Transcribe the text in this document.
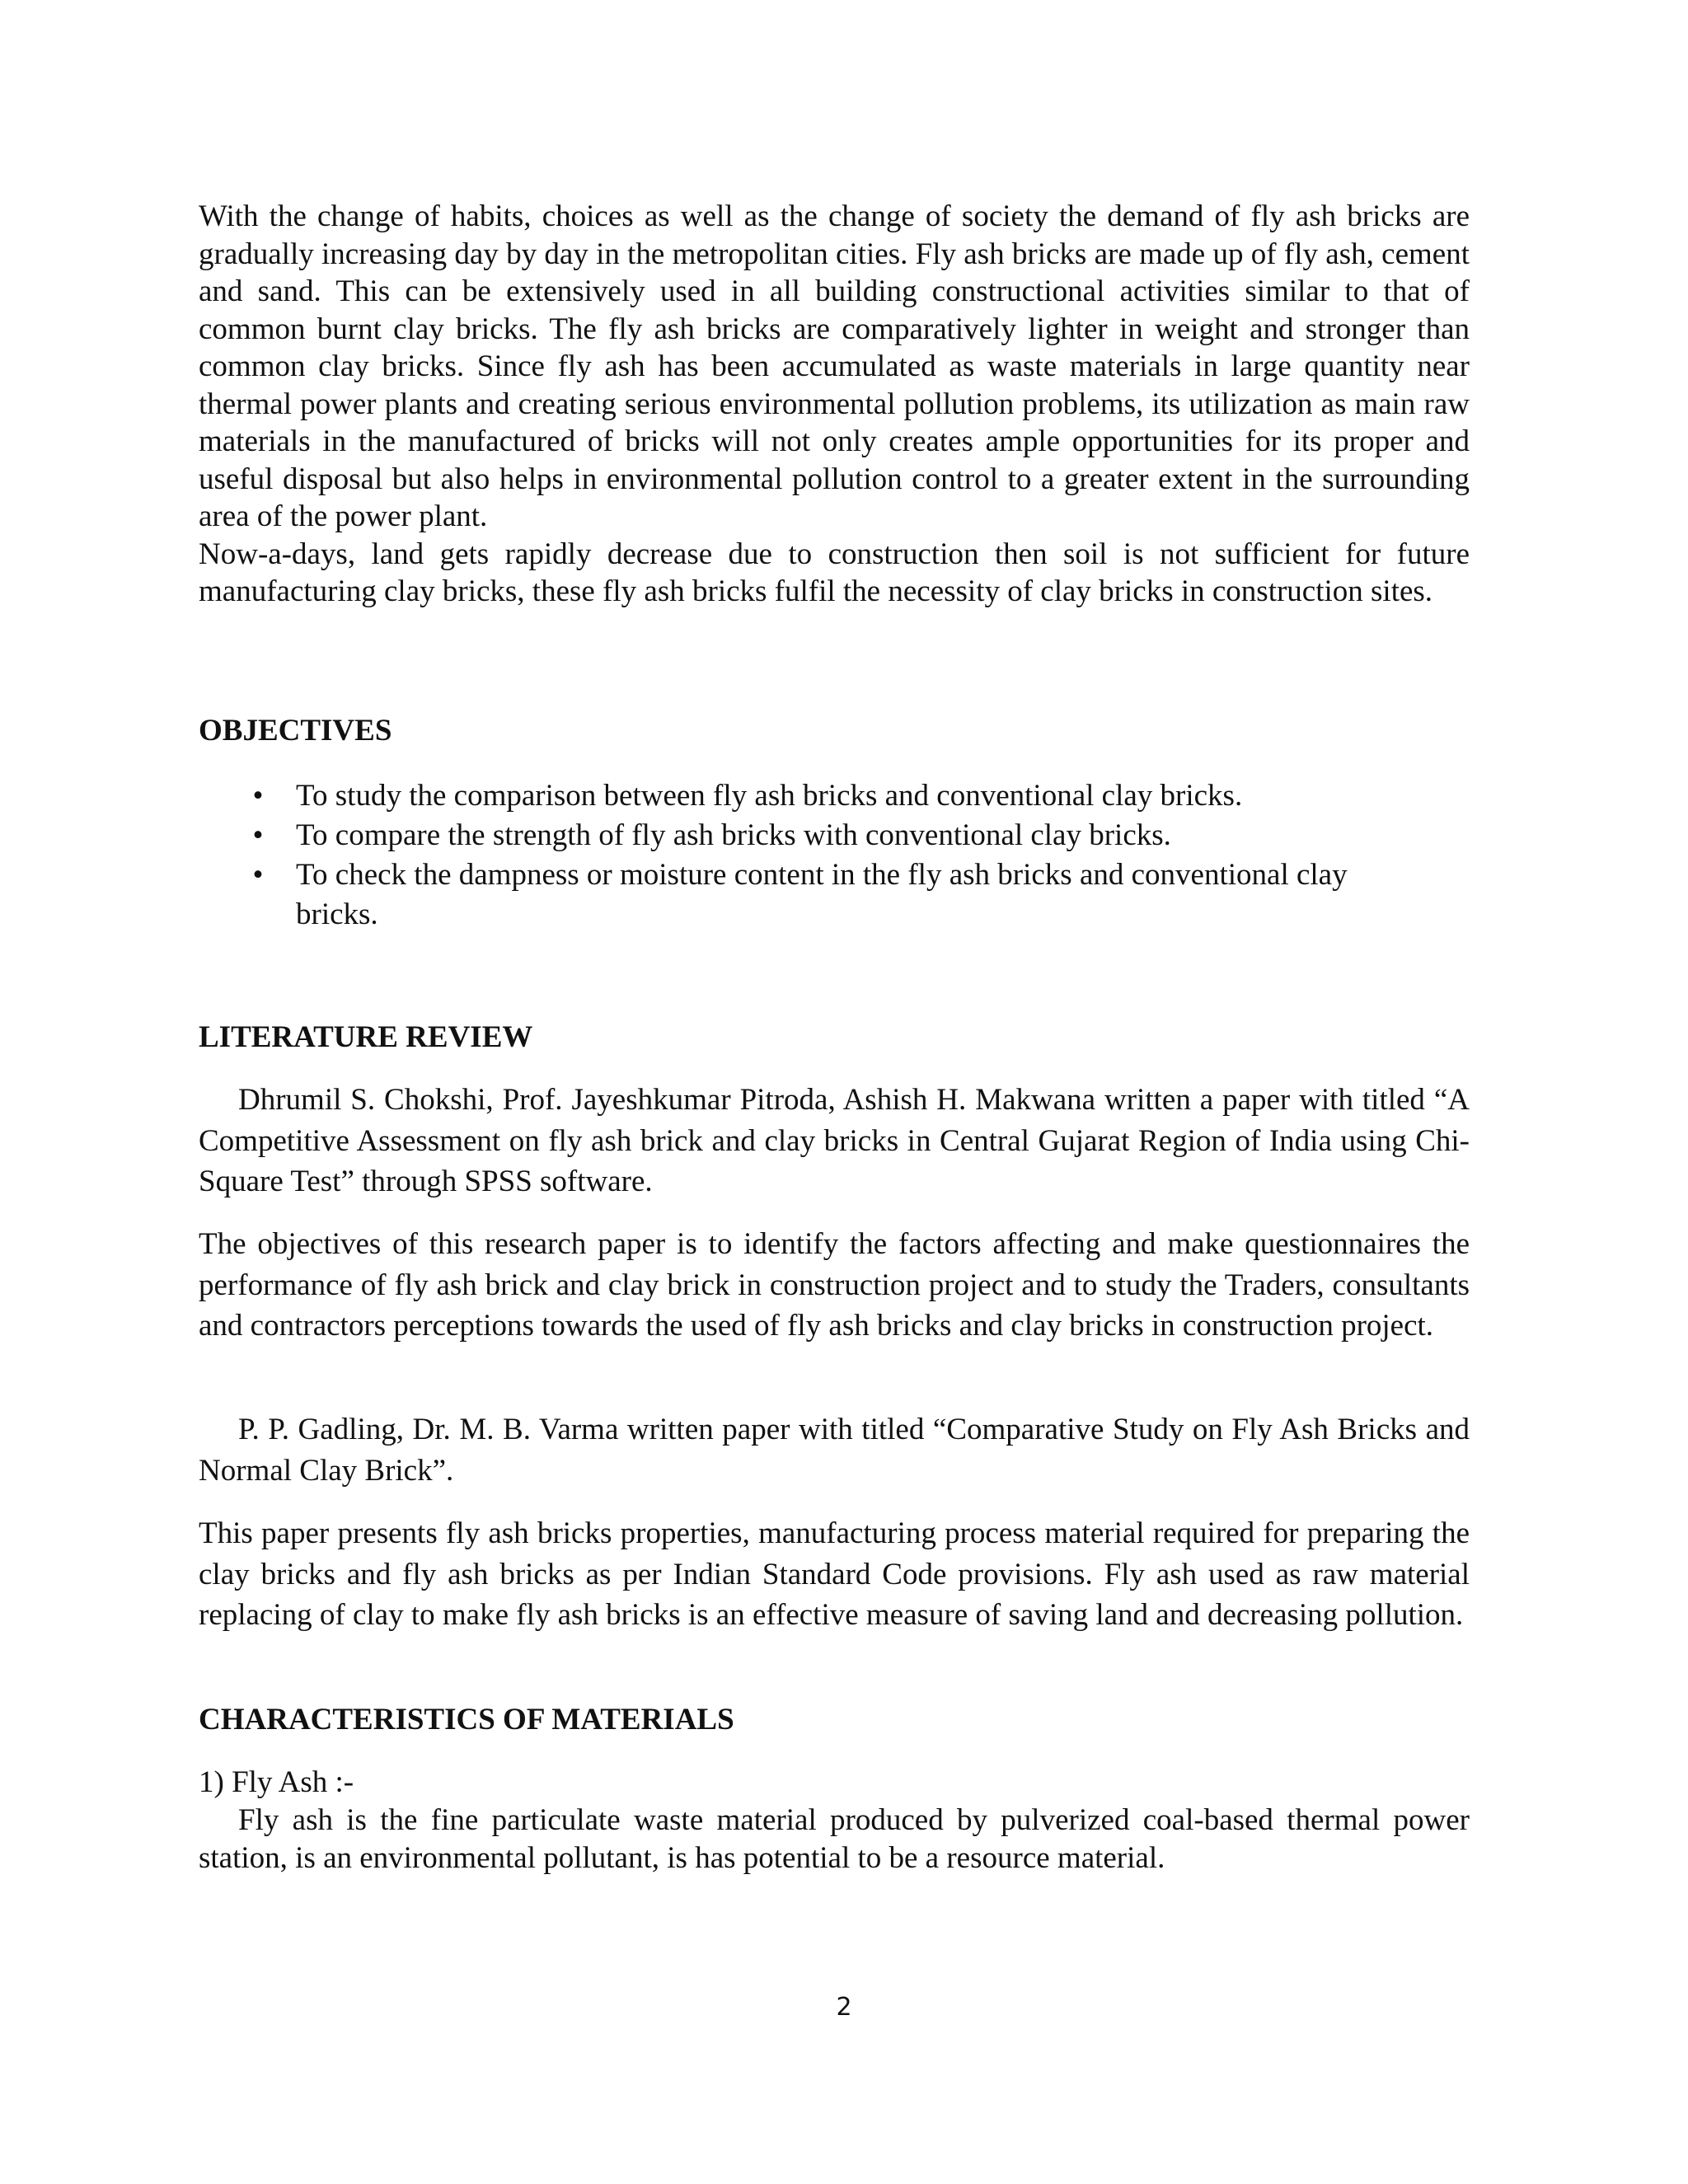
With the change of habits, choices as well as the change of society the demand of fly ash bricks are gradually increasing day by day in the metropolitan cities. Fly ash bricks are made up of fly ash, cement and sand. This can be extensively used in all building constructional activities similar to that of common burnt clay bricks. The fly ash bricks are comparatively lighter in weight and stronger than common clay bricks. Since fly ash has been accumulated as waste materials in large quantity near thermal power plants and creating serious environmental pollution problems, its utilization as main raw materials in the manufactured of bricks will not only creates ample opportunities for its proper and useful disposal but also helps in environmental pollution control to a greater extent in the surrounding area of the power plant.

Now-a-days, land gets rapidly decrease due to construction then soil is not sufficient for future manufacturing clay bricks, these fly ash bricks fulfil the necessity of clay bricks in construction sites.

OBJECTIVES
• To study the comparison between fly ash bricks and conventional clay bricks.
• To compare the strength of fly ash bricks with conventional clay bricks.
• To check the dampness or moisture content in the fly ash bricks and conventional clay bricks.
LITERATURE REVIEW

Dhrumil S. Chokshi, Prof. Jayeshkumar Pitroda, Ashish H. Makwana written a paper with titled “A Competitive Assessment on fly ash brick and clay bricks in Central Gujarat Region of India using Chi-Square Test” through SPSS software.

The objectives of this research paper is to identify the factors affecting and make questionnaires the performance of fly ash brick and clay brick in construction project and to study the Traders, consultants and contractors perceptions towards the used of fly ash bricks and clay bricks in construction project.

P. P. Gadling, Dr. M. B. Varma written paper with titled “Comparative Study on Fly Ash Bricks and Normal Clay Brick”.

This paper presents fly ash bricks properties, manufacturing process material required for preparing the clay bricks and fly ash bricks as per Indian Standard Code provisions. Fly ash used as raw material replacing of clay to make fly ash bricks is an effective measure of saving land and decreasing pollution.

CHARACTERISTICS OF MATERIALS

1) Fly Ash :-

Fly ash is the fine particulate waste material produced by pulverized coal-based thermal power station, is an environmental pollutant, is has potential to be a resource material.

2
